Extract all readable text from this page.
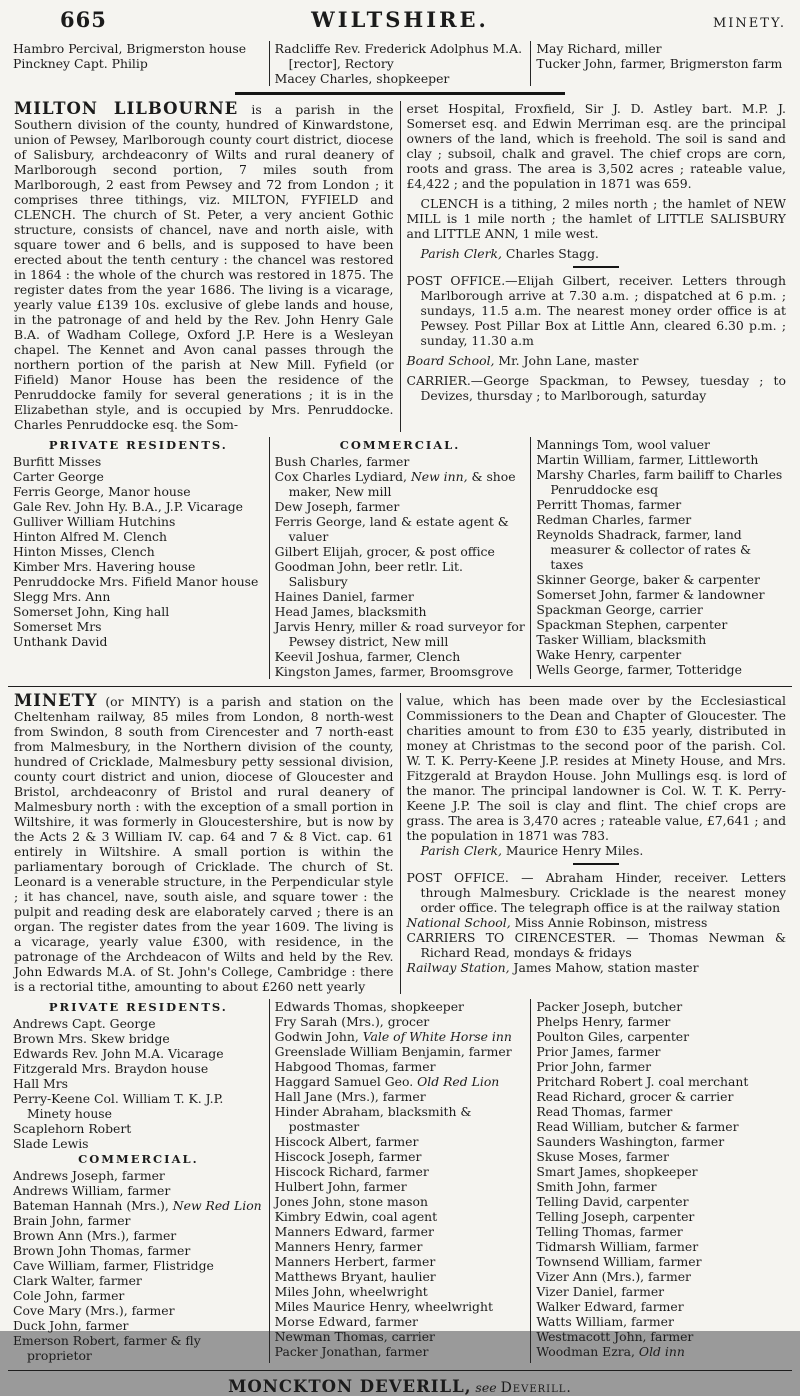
665	WILTSHIRE.	MINETY.
Hambro Percival, Brigmerston house
Pinckney Capt. Philip
Radcliffe Rev. Frederick Adolphus M.A. [rector], Rectory
Macey Charles, shopkeeper
May Richard, miller
Tucker John, farmer, Brigmerston farm

MILTON LILBOURNE is a parish in the Southern division of the county, hundred of Kinwardstone, union of Pewsey, Marlborough county court district, diocese of Salisbury, archdeaconry of Wilts and rural deanery of Marlborough second portion, 7 miles south from Marlborough, 2 east from Pewsey and 72 from London ; it comprises three tithings, viz. MILTON, FYFIELD and CLENCH. The church of St. Peter, a very ancient Gothic structure, consists of chancel, nave and north aisle, with square tower and 6 bells, and is supposed to have been erected about the tenth century : the chancel was restored in 1864 : the whole of the church was restored in 1875. The register dates from the year 1686. The living is a vicarage, yearly value £139 10s. exclusive of glebe lands and house, in the patronage of and held by the Rev. John Henry Gale B.A. of Wadham College, Oxford J.P. Here is a Wesleyan chapel. The Kennet and Avon canal passes through the northern portion of the parish at New Mill. Fyfield (or Fifield) Manor House has been the residence of the Penruddocke family for several generations ; it is in the Elizabethan style, and is occupied by Mrs. Penruddocke. Charles Penruddocke esq. the Som-

erset Hospital, Froxfield, Sir J. D. Astley bart. M.P. J. Somerset esq. and Edwin Merriman esq. are the principal owners of the land, which is freehold. The soil is sand and clay ; subsoil, chalk and gravel. The chief crops are corn, roots and grass. The area is 3,502 acres ; rateable value, £4,422 ; and the population in 1871 was 659.

CLENCH is a tithing, 2 miles north ; the hamlet of NEW MILL is 1 mile north ; the hamlet of LITTLE SALISBURY and LITTLE ANN, 1 mile west.

Parish Clerk, Charles Stagg.

POST OFFICE.—Elijah Gilbert, receiver. Letters through Marlborough arrive at 7.30 a.m. ; dispatched at 6 p.m. ; sundays, 11.5 a.m. The nearest money order office is at Pewsey. Post Pillar Box at Little Ann, cleared 6.30 p.m. ; sunday, 11.30 a.m

Board School, Mr. John Lane, master

CARRIER.—George Spackman, to Pewsey, tuesday ; to Devizes, thursday ; to Marlborough, saturday

PRIVATE RESIDENTS.
Burfitt Misses
Carter George
Ferris George, Manor house
Gale Rev. John Hy. B.A., J.P. Vicarage
Gulliver William Hutchins
Hinton Alfred M. Clench
Hinton Misses, Clench
Kimber Mrs. Havering house
Penruddocke Mrs. Fifield Manor house
Slegg Mrs. Ann
Somerset John, King hall
Somerset Mrs
Unthank David
COMMERCIAL.
Bush Charles, farmer
Cox Charles Lydiard, New inn, & shoe maker, New mill
Dew Joseph, farmer
Ferris George, land & estate agent & valuer
Gilbert Elijah, grocer, & post office
Goodman John, beer retlr. Lit. Salisbury
Haines Daniel, farmer
Head James, blacksmith
Jarvis Henry, miller & road surveyor for Pewsey district, New mill
Keevil Joshua, farmer, Clench
Kingston James, farmer, Broomsgrove
Mannings Tom, wool valuer
Martin William, farmer, Littleworth
Marshy Charles, farm bailiff to Charles Penruddocke esq
Perritt Thomas, farmer
Redman Charles, farmer
Reynolds Shadrack, farmer, land measurer & collector of rates & taxes
Skinner George, baker & carpenter
Somerset John, farmer & landowner
Spackman George, carrier
Spackman Stephen, carpenter
Tasker William, blacksmith
Wake Henry, carpenter
Wells George, farmer, Totteridge

MINETY (or MINTY) is a parish and station on the Cheltenham railway, 85 miles from London, 8 north-west from Swindon, 8 south from Cirencester and 7 north-east from Malmesbury, in the Northern division of the county, hundred of Cricklade, Malmesbury petty sessional division, county court district and union, diocese of Gloucester and Bristol, archdeaconry of Bristol and rural deanery of Malmesbury north : with the exception of a small portion in Wiltshire, it was formerly in Gloucestershire, but is now by the Acts 2 & 3 William IV. cap. 64 and 7 & 8 Vict. cap. 61 entirely in Wiltshire. A small portion is within the parliamentary borough of Cricklade. The church of St. Leonard is a venerable structure, in the Perpendicular style ; it has chancel, nave, south aisle, and square tower : the pulpit and reading desk are elaborately carved ; there is an organ. The register dates from the year 1609. The living is a vicarage, yearly value £300, with residence, in the patronage of the Archdeacon of Wilts and held by the Rev. John Edwards M.A. of St. John's College, Cambridge : there is a rectorial tithe, amounting to about £260 nett yearly

value, which has been made over by the Ecclesiastical Commissioners to the Dean and Chapter of Gloucester. The charities amount to from £30 to £35 yearly, distributed in money at Christmas to the second poor of the parish. Col. W. T. K. Perry-Keene J.P. resides at Minety House, and Mrs. Fitzgerald at Braydon House. John Mullings esq. is lord of the manor. The principal landowner is Col. W. T. K. Perry-Keene J.P. The soil is clay and flint. The chief crops are grass. The area is 3,470 acres ; rateable value, £7,641 ; and the population in 1871 was 783.

Parish Clerk, Maurice Henry Miles.

POST OFFICE. — Abraham Hinder, receiver. Letters through Malmesbury. Cricklade is the nearest money order office. The telegraph office is at the railway station

National School, Miss Annie Robinson, mistress

CARRIERS TO CIRENCESTER. — Thomas Newman & Richard Read, mondays & fridays

Railway Station, James Mahow, station master

PRIVATE RESIDENTS.
Andrews Capt. George
Brown Mrs. Skew bridge
Edwards Rev. John M.A. Vicarage
Fitzgerald Mrs. Braydon house
Hall Mrs
Perry-Keene Col. William T. K. J.P. Minety house
Scaplehorn Robert
Slade Lewis
COMMERCIAL.
Andrews Joseph, farmer
Andrews William, farmer
Bateman Hannah (Mrs.), New Red Lion
Brain John, farmer
Brown Ann (Mrs.), farmer
Brown John Thomas, farmer
Cave William, farmer, Flistridge
Clark Walter, farmer
Cole John, farmer
Cove Mary (Mrs.), farmer
Duck John, farmer
Emerson Robert, farmer & fly proprietor
Edwards Thomas, shopkeeper
Fry Sarah (Mrs.), grocer
Godwin John, Vale of White Horse inn
Greenslade William Benjamin, farmer
Habgood Thomas, farmer
Haggard Samuel Geo. Old Red Lion
Hall Jane (Mrs.), farmer
Hinder Abraham, blacksmith & postmaster
Hiscock Albert, farmer
Hiscock Joseph, farmer
Hiscock Richard, farmer
Hulbert John, farmer
Jones John, stone mason
Kimbry Edwin, coal agent
Manners Edward, farmer
Manners Henry, farmer
Manners Herbert, farmer
Matthews Bryant, haulier
Miles John, wheelwright
Miles Maurice Henry, wheelwright
Morse Edward, farmer
Newman Thomas, carrier
Packer Jonathan, farmer
Packer Joseph, butcher
Phelps Henry, farmer
Poulton Giles, carpenter
Prior James, farmer
Prior John, farmer
Pritchard Robert J. coal merchant
Read Richard, grocer & carrier
Read Thomas, farmer
Read William, butcher & farmer
Saunders Washington, farmer
Skuse Moses, farmer
Smart James, shopkeeper
Smith John, farmer
Telling David, carpenter
Telling Joseph, carpenter
Telling Thomas, farmer
Tidmarsh William, farmer
Townsend William, farmer
Vizer Ann (Mrs.), farmer
Vizer Daniel, farmer
Walker Edward, farmer
Watts William, farmer
Westmacott John, farmer
Woodman Ezra, Old inn
MONCKTON DEVERILL, see Deverill.
